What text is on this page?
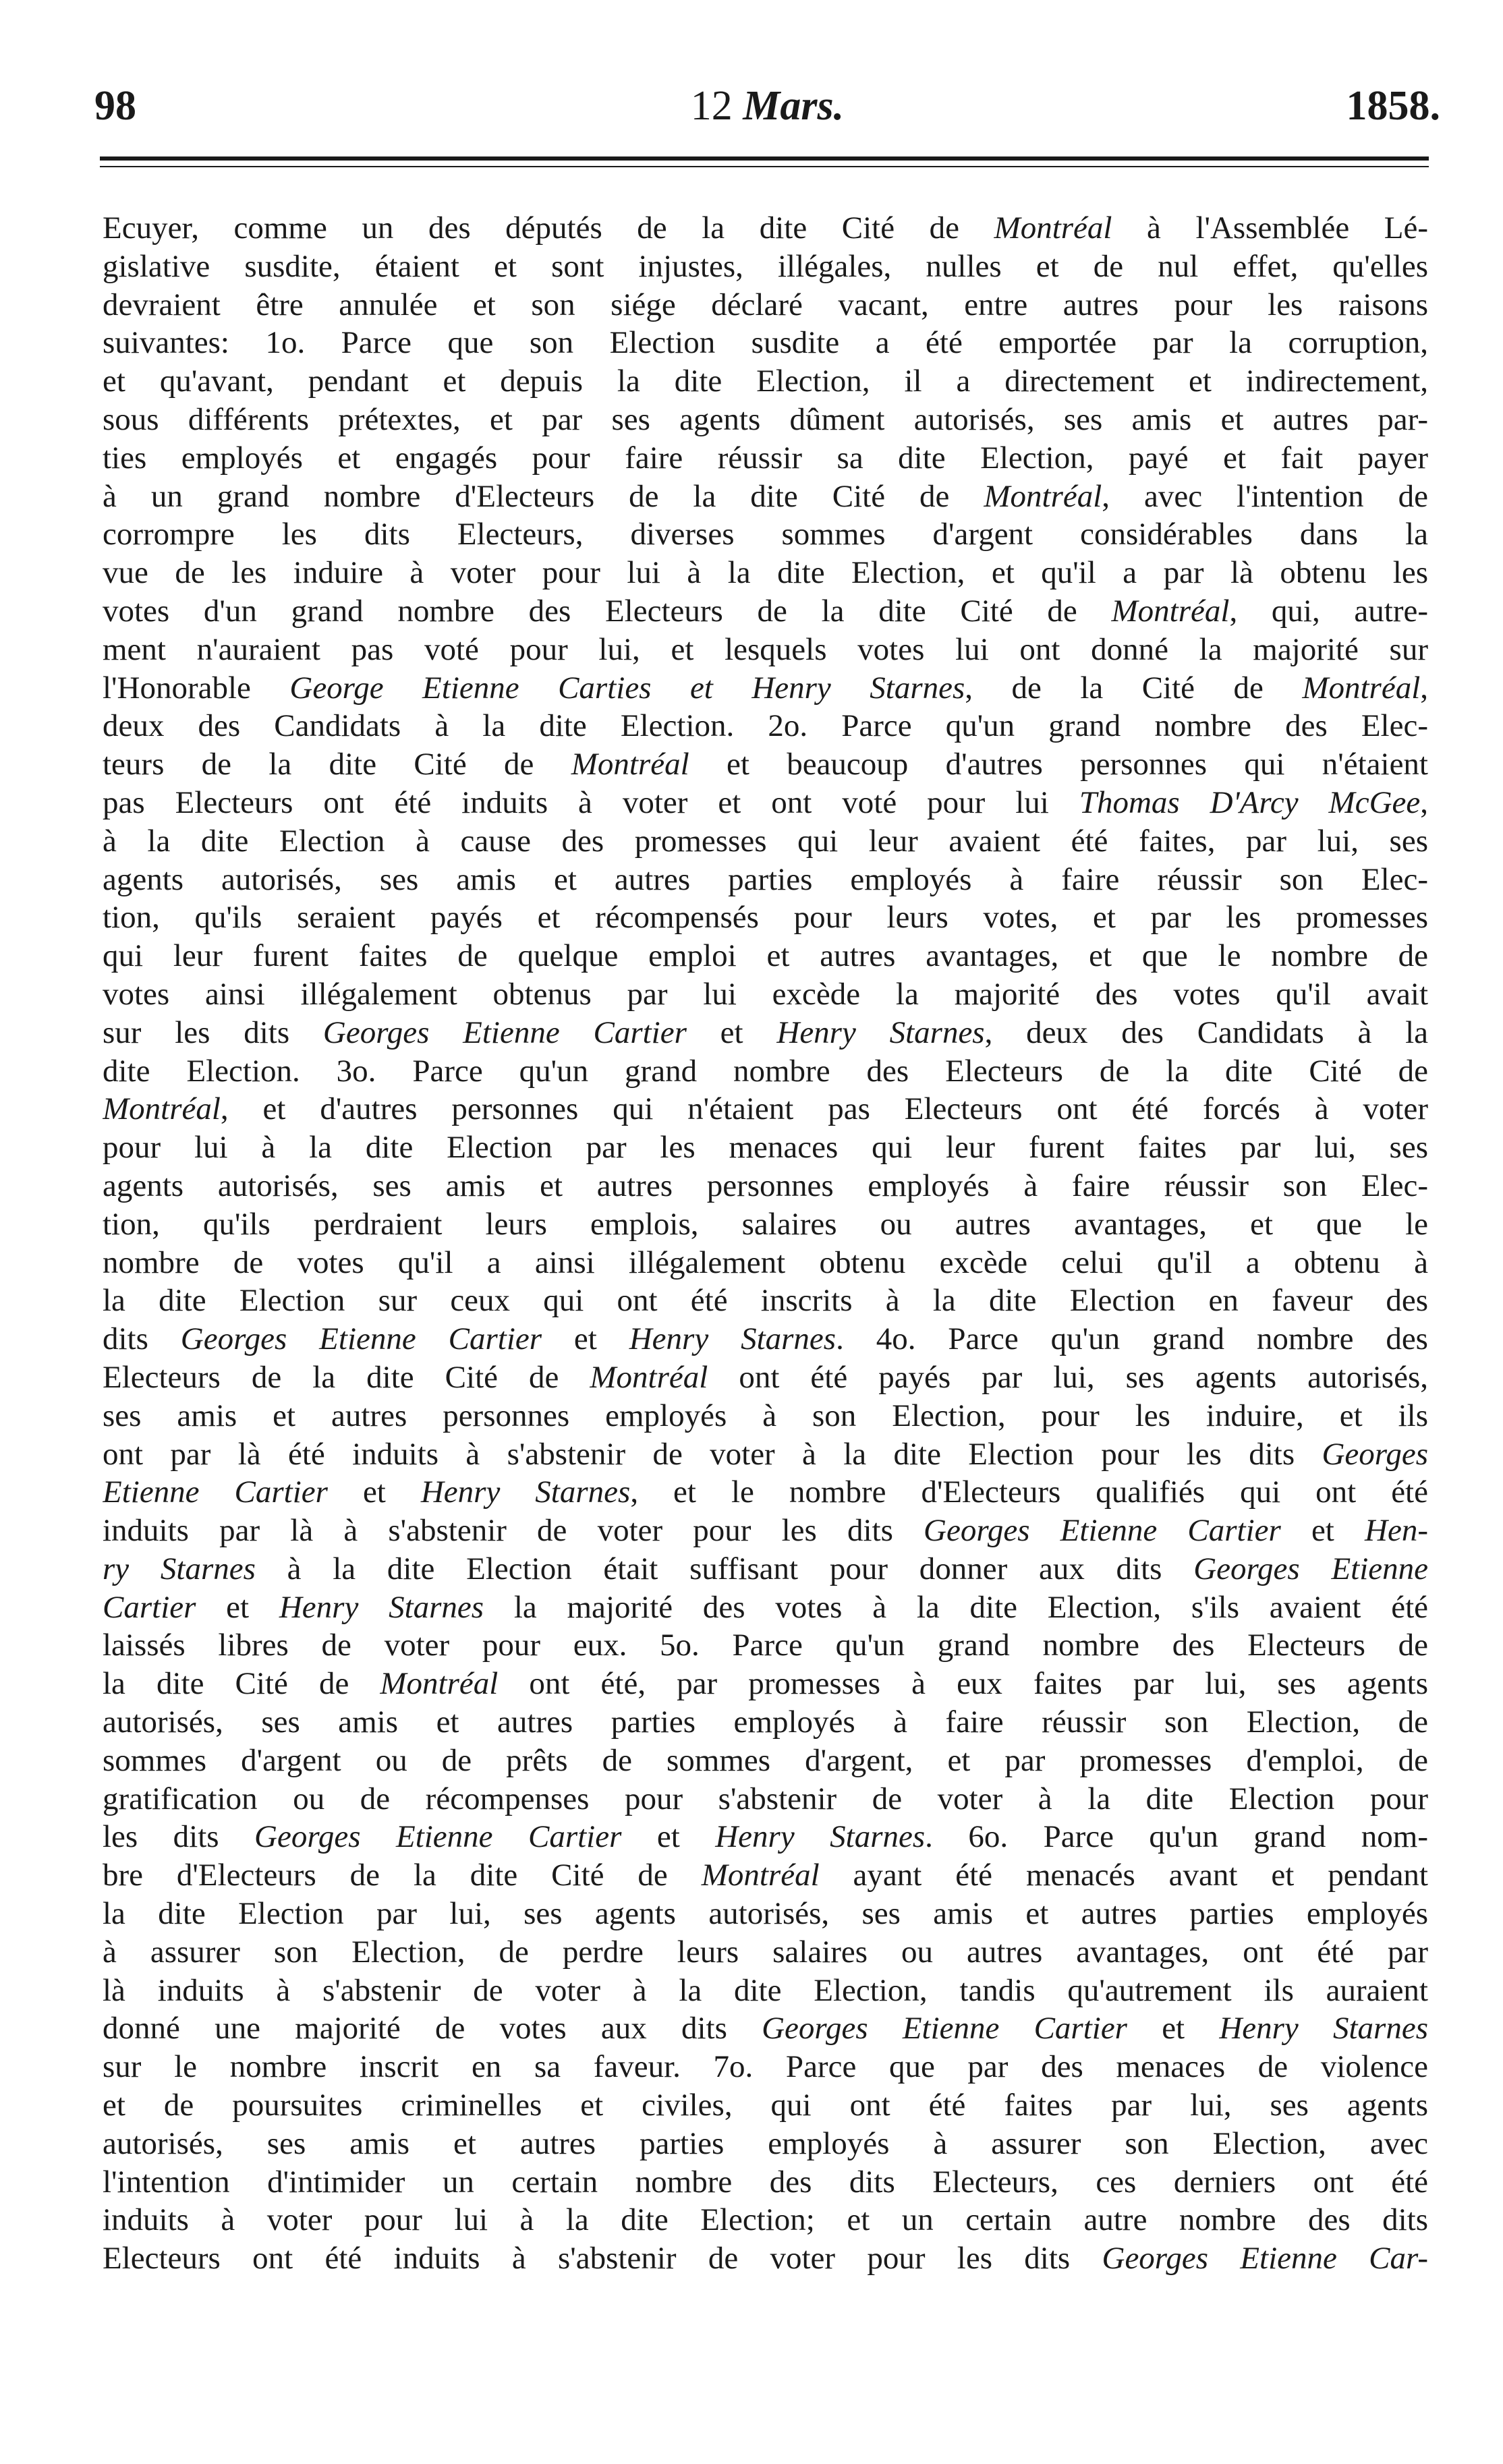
98	12 Mars.	1858.
Ecuyer, comme un des députés de la dite Cité de Montréal à l'Assemblée Lé-
gislative susdite, étaient et sont injustes, illégales, nulles et de nul effet, qu'elles
devraient être annulée et son siége déclaré vacant, entre autres pour les raisons
suivantes: 1o. Parce que son Election susdite a été emportée par la corruption,
et qu'avant, pendant et depuis la dite Election, il a directement et indirectement,
sous différents prétextes, et par ses agents dûment autorisés, ses amis et autres par-
ties employés et engagés pour faire réussir sa dite Election, payé et fait payer
à un grand nombre d'Electeurs de la dite Cité de Montréal, avec l'intention de
corrompre les dits Electeurs, diverses sommes d'argent considérables dans la
vue de les induire à voter pour lui à la dite Election, et qu'il a par là obtenu les
votes d'un grand nombre des Electeurs de la dite Cité de Montréal, qui, autre-
ment n'auraient pas voté pour lui, et lesquels votes lui ont donné la majorité sur
l'Honorable George Etienne Carties et Henry Starnes, de la Cité de Montréal,
deux des Candidats à la dite Election. 2o. Parce qu'un grand nombre des Elec-
teurs de la dite Cité de Montréal et beaucoup d'autres personnes qui n'étaient
pas Electeurs ont été induits à voter et ont voté pour lui Thomas D'Arcy McGee,
à la dite Election à cause des promesses qui leur avaient été faites, par lui, ses
agents autorisés, ses amis et autres parties employés à faire réussir son Elec-
tion, qu'ils seraient payés et récompensés pour leurs votes, et par les promesses
qui leur furent faites de quelque emploi et autres avantages, et que le nombre de
votes ainsi illégalement obtenus par lui excède la majorité des votes qu'il avait
sur les dits Georges Etienne Cartier et Henry Starnes, deux des Candidats à la
dite Election. 3o. Parce qu'un grand nombre des Electeurs de la dite Cité de
Montréal, et d'autres personnes qui n'étaient pas Electeurs ont été forcés à voter
pour lui à la dite Election par les menaces qui leur furent faites par lui, ses
agents autorisés, ses amis et autres personnes employés à faire réussir son Elec-
tion, qu'ils perdraient leurs emplois, salaires ou autres avantages, et que le
nombre de votes qu'il a ainsi illégalement obtenu excède celui qu'il a obtenu à
la dite Election sur ceux qui ont été inscrits à la dite Election en faveur des
dits Georges Etienne Cartier et Henry Starnes. 4o. Parce qu'un grand nombre des
Electeurs de la dite Cité de Montréal ont été payés par lui, ses agents autorisés,
ses amis et autres personnes employés à son Election, pour les induire, et ils
ont par là été induits à s'abstenir de voter à la dite Election pour les dits Georges
Etienne Cartier et Henry Starnes, et le nombre d'Electeurs qualifiés qui ont été
induits par là à s'abstenir de voter pour les dits Georges Etienne Cartier et Hen-
ry Starnes à la dite Election était suffisant pour donner aux dits Georges Etienne
Cartier et Henry Starnes la majorité des votes à la dite Election, s'ils avaient été
laissés libres de voter pour eux. 5o. Parce qu'un grand nombre des Electeurs de
la dite Cité de Montréal ont été, par promesses à eux faites par lui, ses agents
autorisés, ses amis et autres parties employés à faire réussir son Election, de
sommes d'argent ou de prêts de sommes d'argent, et par promesses d'emploi, de
gratification ou de récompenses pour s'abstenir de voter à la dite Election pour
les dits Georges Etienne Cartier et Henry Starnes. 6o. Parce qu'un grand nom-
bre d'Electeurs de la dite Cité de Montréal ayant été menacés avant et pendant
la dite Election par lui, ses agents autorisés, ses amis et autres parties employés
à assurer son Election, de perdre leurs salaires ou autres avantages, ont été par
là induits à s'abstenir de voter à la dite Election, tandis qu'autrement ils auraient
donné une majorité de votes aux dits Georges Etienne Cartier et Henry Starnes
sur le nombre inscrit en sa faveur. 7o. Parce que par des menaces de violence
et de poursuites criminelles et civiles, qui ont été faites par lui, ses agents
autorisés, ses amis et autres parties employés à assurer son Election, avec
l'intention d'intimider un certain nombre des dits Electeurs, ces derniers ont été
induits à voter pour lui à la dite Election; et un certain autre nombre des dits
Electeurs ont été induits à s'abstenir de voter pour les dits Georges Etienne Car-
